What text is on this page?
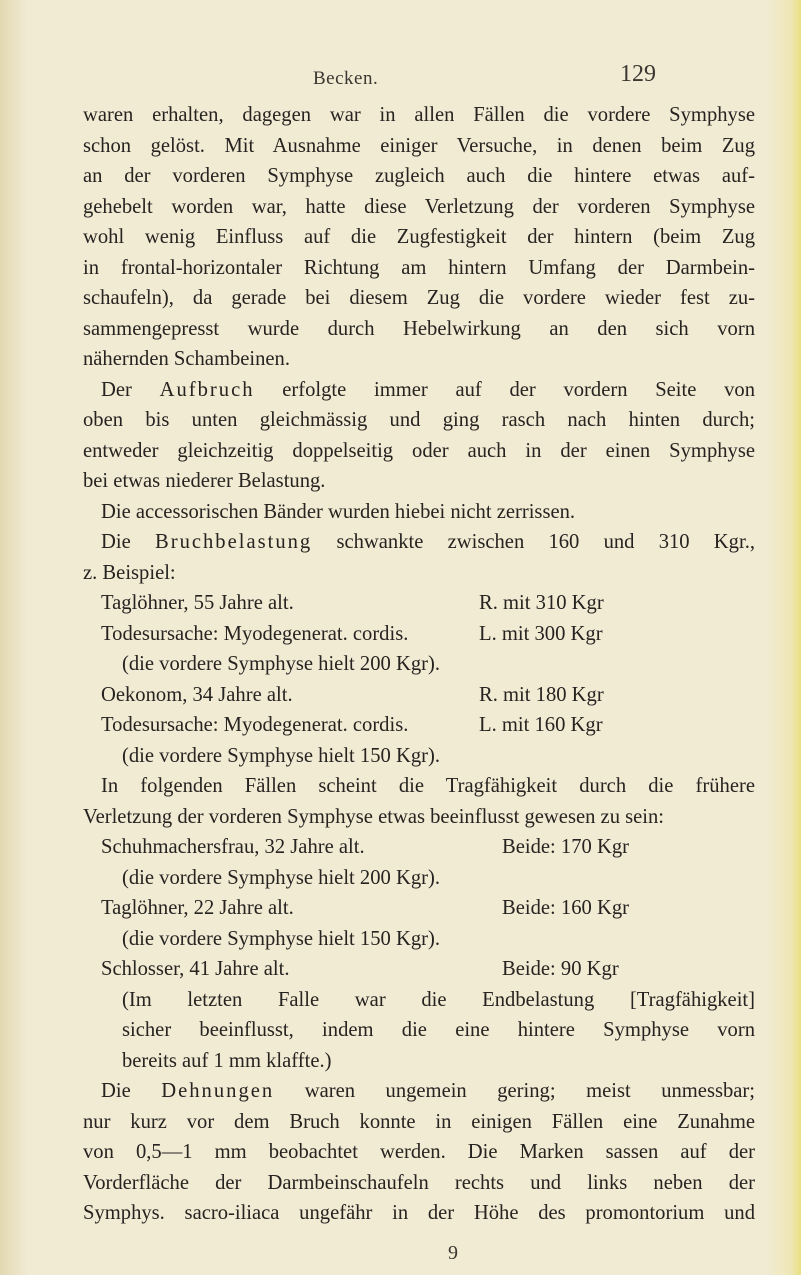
Becken.	129
waren erhalten, dagegen war in allen Fällen die vordere Symphyse
schon gelöst. Mit Ausnahme einiger Versuche, in denen beim Zug
an der vorderen Symphyse zugleich auch die hintere etwas auf-
gehebelt worden war, hatte diese Verletzung der vorderen Symphyse
wohl wenig Einfluss auf die Zugfestigkeit der hintern (beim Zug
in frontal-horizontaler Richtung am hintern Umfang der Darmbein-
schaufeln), da gerade bei diesem Zug die vordere wieder fest zu-
sammengepresst wurde durch Hebelwirkung an den sich vorn
nähernden Schambeinen.
Der Aufbruch erfolgte immer auf der vordern Seite von
oben bis unten gleichmässig und ging rasch nach hinten durch;
entweder gleichzeitig doppelseitig oder auch in der einen Symphyse
bei etwas niederer Belastung.
Die accessorischen Bänder wurden hiebei nicht zerrissen.
Die Bruchbelastung schwankte zwischen 160 und 310 Kgr.,
z. Beispiel:
Taglöhner, 55 Jahre alt.	R. mit 310 Kgr
Todesursache: Myodegenerat. cordis.	L. mit 300 Kgr
(die vordere Symphyse hielt 200 Kgr).
Oekonom, 34 Jahre alt.	R. mit 180 Kgr
Todesursache: Myodegenerat. cordis.	L. mit 160 Kgr
(die vordere Symphyse hielt 150 Kgr).
In folgenden Fällen scheint die Tragfähigkeit durch die frühere
Verletzung der vorderen Symphyse etwas beeinflusst gewesen zu sein:
Schuhmachersfrau, 32 Jahre alt.	Beide: 170 Kgr
(die vordere Symphyse hielt 200 Kgr).
Taglöhner, 22 Jahre alt.	Beide: 160 Kgr
(die vordere Symphyse hielt 150 Kgr).
Schlosser, 41 Jahre alt.	Beide: 90 Kgr
(Im letzten Falle war die Endbelastung [Tragfähigkeit]
sicher beeinflusst, indem die eine hintere Symphyse vorn
bereits auf 1 mm klaffte.)
Die Dehnungen waren ungemein gering; meist unmessbar;
nur kurz vor dem Bruch konnte in einigen Fällen eine Zunahme
von 0,5—1 mm beobachtet werden. Die Marken sassen auf der
Vorderfläche der Darmbeinschaufeln rechts und links neben der
Symphys. sacro-iliaca ungefähr in der Höhe des promontorium und
9
